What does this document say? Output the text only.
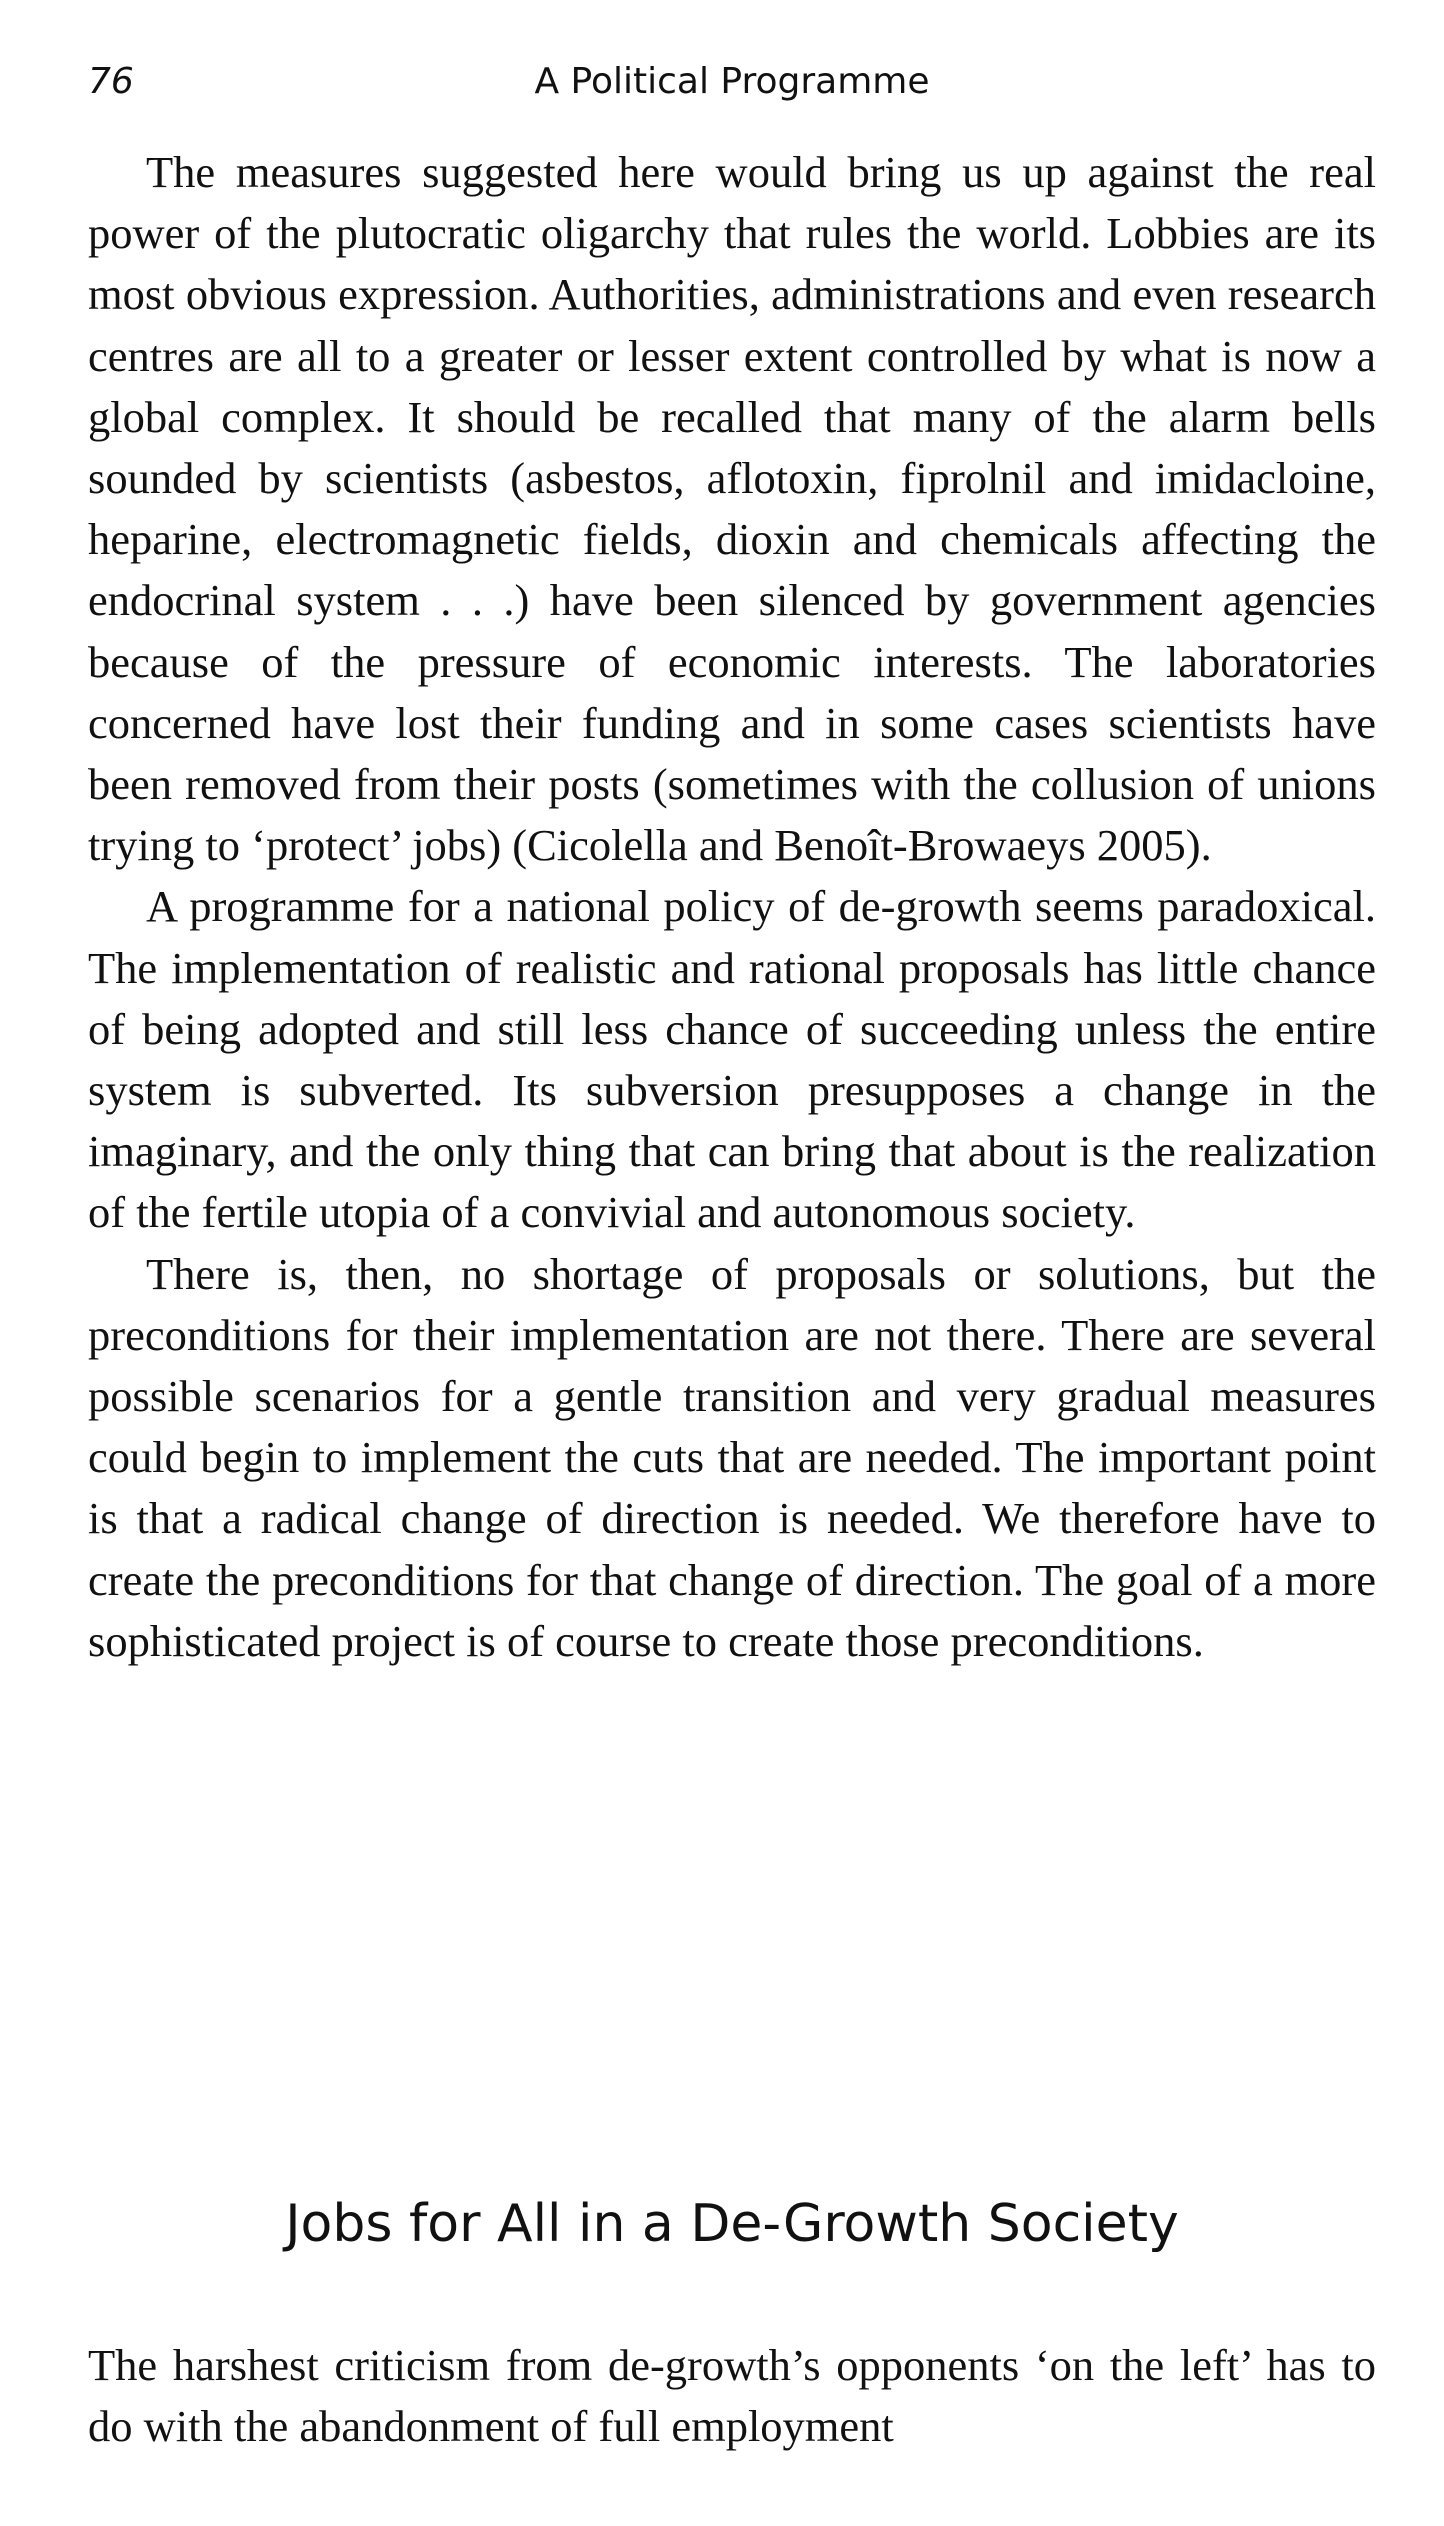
76	A Political Programme

The measures suggested here would bring us up against the real power of the plutocratic oligarchy that rules the world. Lobbies are its most obvious expression. Authorities, administrations and even research centres are all to a greater or lesser extent controlled by what is now a global complex. It should be recalled that many of the alarm bells sounded by scientists (asbestos, aflotoxin, fiprolnil and imidacloine, heparine, electromagnetic fields, dioxin and chemicals affecting the endocrinal system . . .) have been silenced by government agencies because of the pressure of economic interests. The laboratories concerned have lost their funding and in some cases scientists have been removed from their posts (sometimes with the collusion of unions trying to ‘protect’ jobs) (Cicolella and Benoît-Browaeys 2005).

A programme for a national policy of de-growth seems paradoxical. The implementation of realistic and rational proposals has little chance of being adopted and still less chance of succeeding unless the entire system is subverted. Its subversion presupposes a change in the imaginary, and the only thing that can bring that about is the realization of the fertile utopia of a convivial and autonomous society.

There is, then, no shortage of proposals or solutions, but the preconditions for their implementation are not there. There are several possible scenarios for a gentle transition and very gradual measures could begin to implement the cuts that are needed. The important point is that a radical change of direction is needed. We therefore have to create the preconditions for that change of direction. The goal of a more sophisticated project is of course to create those preconditions.

Jobs for All in a De-Growth Society

The harshest criticism from de-growth’s opponents ‘on the left’ has to do with the abandonment of full employment
